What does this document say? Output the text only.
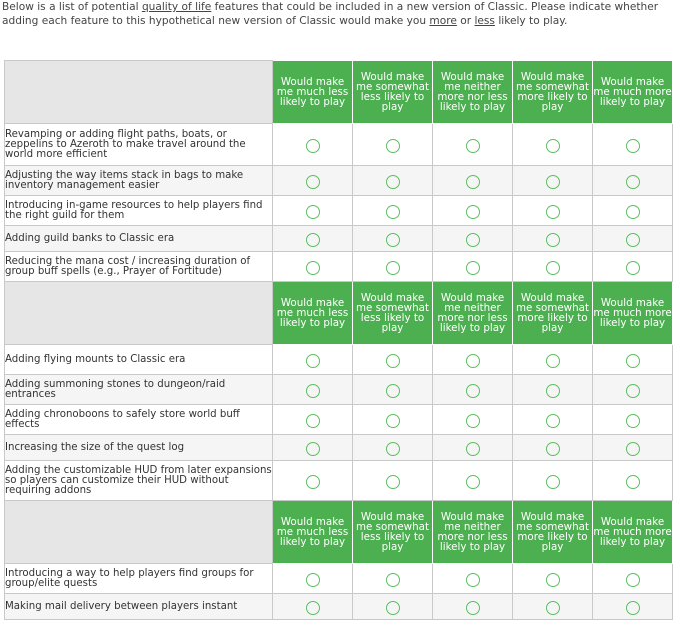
Below is a list of potential quality of life features that could be included in a new version of Classic. Please indicate whether adding each feature to this hypothetical new version of Classic would make you more or less likely to play.
	Would make me much less likely to play	Would make me somewhat less likely to play	Would make me neither more nor less likely to play	Would make me somewhat more likely to play	Would make me much more likely to play
Revamping or adding flight paths, boats, or zeppelins to Azeroth to make travel around the world more efficient					
Adjusting the way items stack in bags to make inventory management easier					
Introducing in-game resources to help players find the right guild for them					
Adding guild banks to Classic era					
Reducing the mana cost / increasing duration of group buff spells (e.g., Prayer of Fortitude)					
	Would make me much less likely to play	Would make me somewhat less likely to play	Would make me neither more nor less likely to play	Would make me somewhat more likely to play	Would make me much more likely to play
Adding flying mounts to Classic era					
Adding summoning stones to dungeon/raid entrances					
Adding chronoboons to safely store world buff effects					
Increasing the size of the quest log					
Adding the customizable HUD from later expansions so players can customize their HUD without requiring addons					
	Would make me much less likely to play	Would make me somewhat less likely to play	Would make me neither more nor less likely to play	Would make me somewhat more likely to play	Would make me much more likely to play
Introducing a way to help players find groups for group/elite quests					
Making mail delivery between players instant					
